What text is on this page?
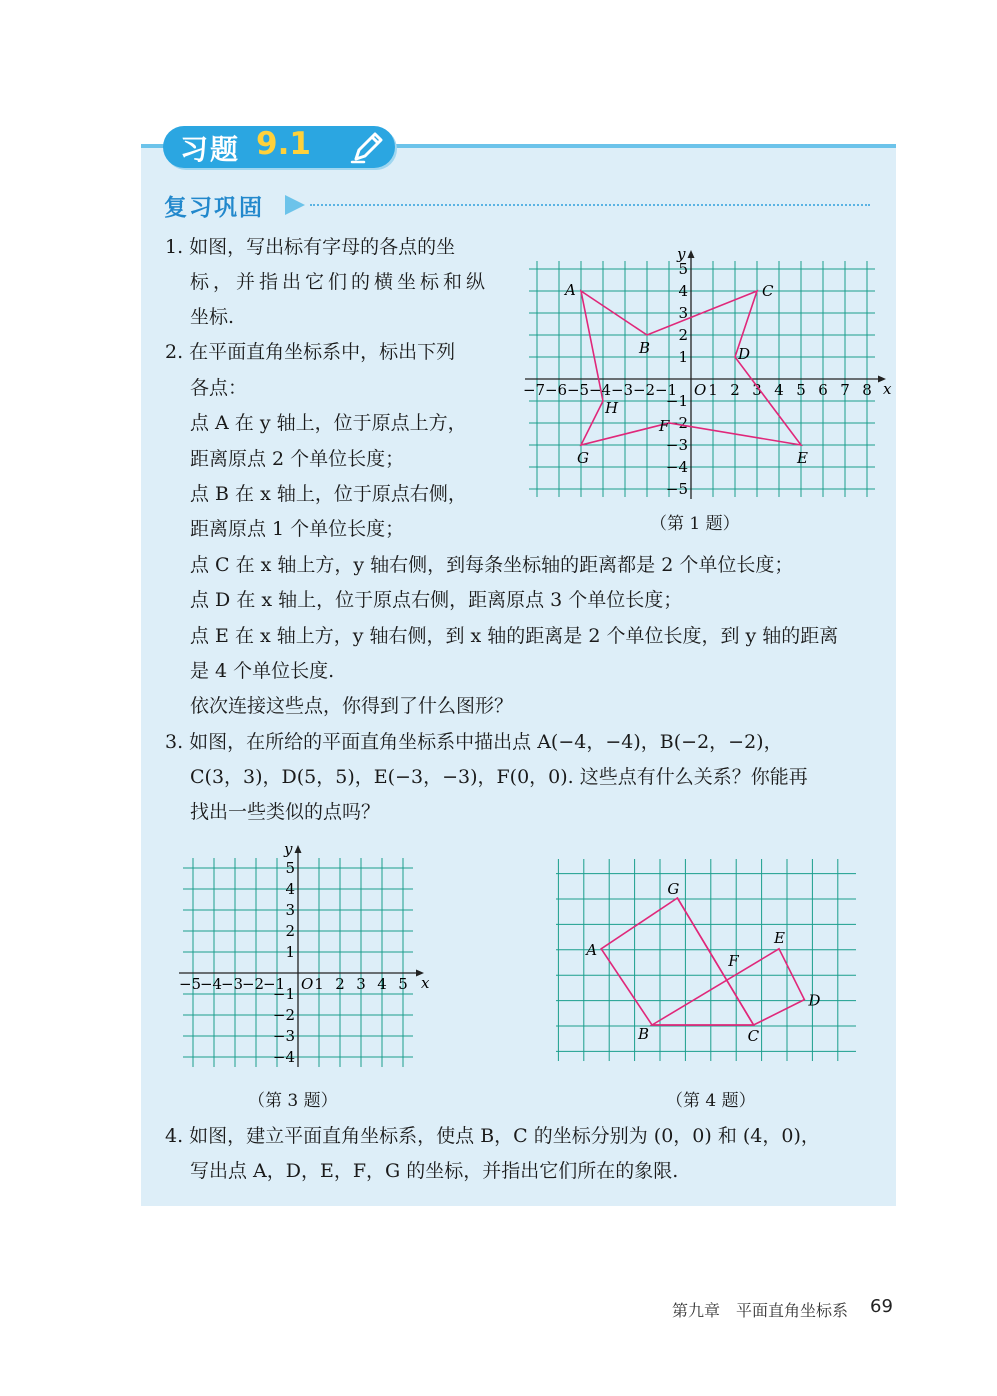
习题 9.1
复习巩固
1. 如图，写出标有字母的各点的坐
标，并指出它们的横坐标和纵
坐标.
2. 在平面直角坐标系中，标出下列
各点：
点 A 在 y 轴上，位于原点上方，
距离原点 2 个单位长度；
点 B 在 x 轴上，位于原点右侧，
距离原点 1 个单位长度；
点 C 在 x 轴上方，y 轴右侧，到每条坐标轴的距离都是 2 个单位长度；
点 D 在 x 轴上，位于原点右侧，距离原点 3 个单位长度；
点 E 在 x 轴上方，y 轴右侧，到 x 轴的距离是 2 个单位长度，到 y 轴的距离
是 4 个单位长度.
依次连接这些点，你得到了什么图形？
3. 如图，在所给的平面直角坐标系中描出点 A(−4，−4)，B(−2，−2)，
C(3，3)，D(5，5)，E(−3，−3)，F(0，0). 这些点有什么关系？你能再
找出一些类似的点吗？
4. 如图，建立平面直角坐标系，使点 B，C 的坐标分别为 (0，0) 和 (4，0)，
写出点 A，D，E，F，G 的坐标，并指出它们所在的象限.
x
y
O
−7 −6 −5 −4 −3 −2 −1 1 2 3 4 5 6 7 8
5
4
3
2
1
−1
−2
−3
−4
−5
A
B
C
D
E
F
G
H
（第 1 题）
x
y
O
−5
−4
−3
−2
−1 1 2 3 4 5
5
4
3
2
1
−1
−2
−3
−4
（第 3 题）
A
B	C
D
E
F
G
（第 4 题）
第九章　平面直角坐标系 69
